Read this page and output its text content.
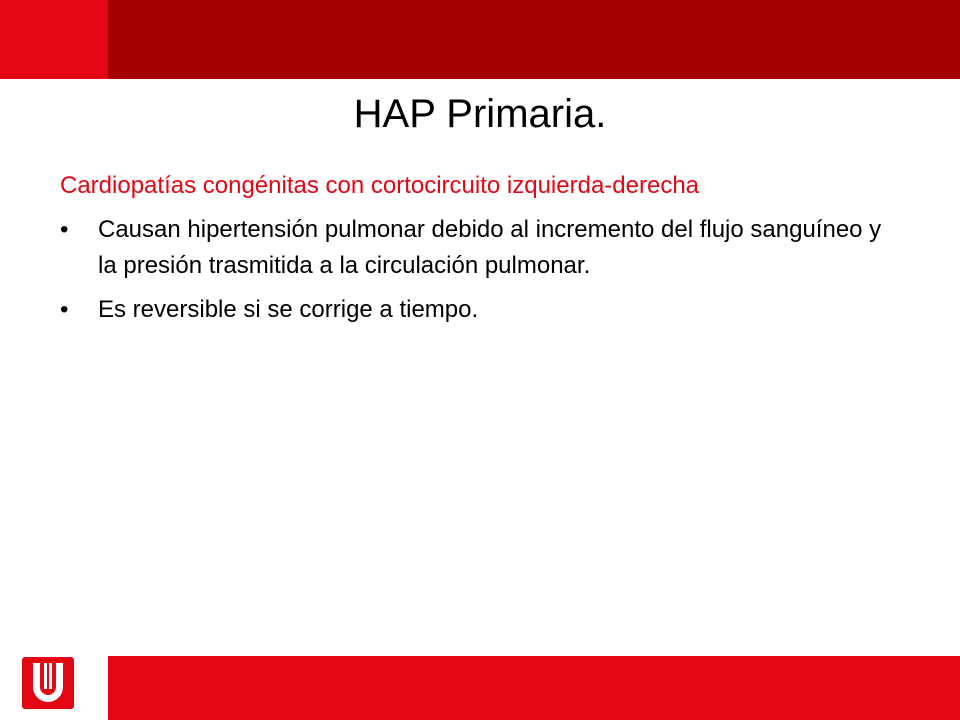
HAP Primaria.

Cardiopatías congénitas con cortocircuito izquierda-derecha

•	Causan hipertensión pulmonar debido al incremento del flujo sanguíneo y la presión trasmitida a la circulación pulmonar.
•	Es reversible si se corrige a tiempo.
